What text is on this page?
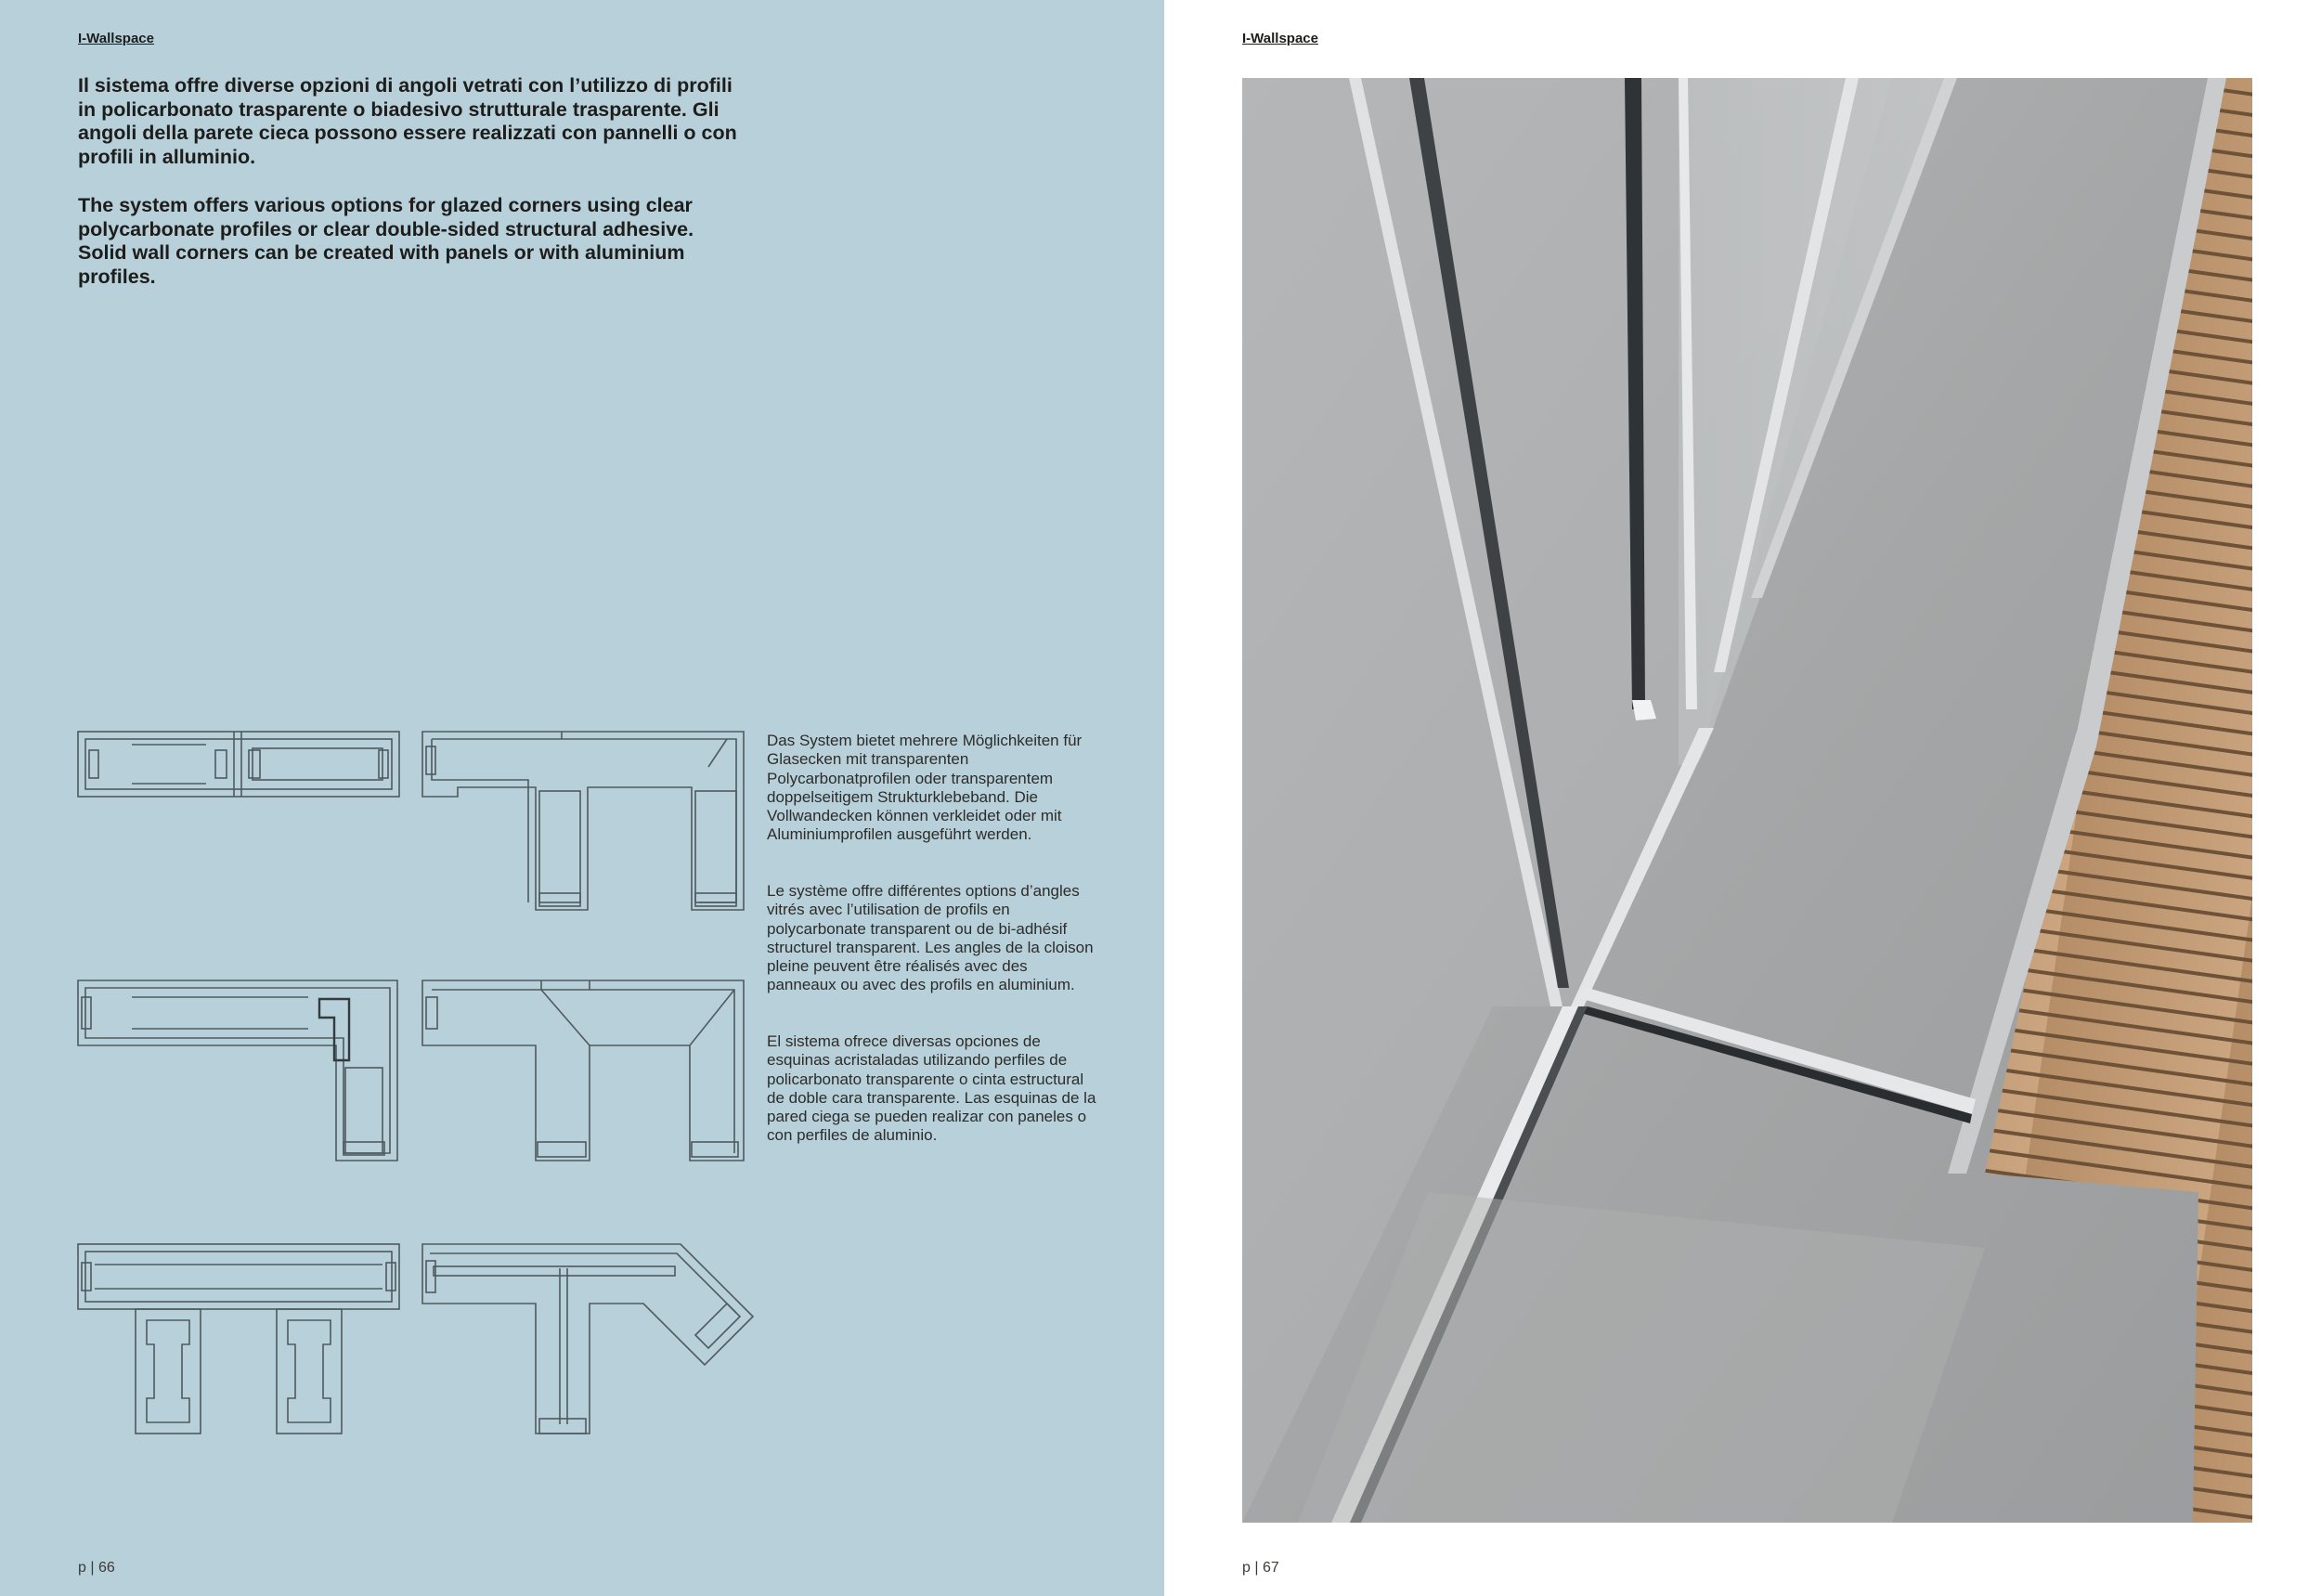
I-Wallspace

Il sistema offre diverse opzioni di angoli vetrati con l’utilizzo di profili in policarbonato trasparente o biadesivo strutturale trasparente. Gli angoli della parete cieca possono essere realizzati con pannelli o con profili in alluminio.

The system offers various options for glazed corners using clear polycarbonate profiles or clear double-sided structural adhesive. Solid wall corners can be created with panels or with aluminium profiles.

Das System bietet mehrere Möglichkeiten für Glasecken mit transparenten Polycarbonatprofilen oder transparentem doppelseitigem Strukturklebeband. Die Vollwandecken können verkleidet oder mit Aluminiumprofilen ausgeführt werden.

Le système offre différentes options d’angles vitrés avec l’utilisation de profils en polycarbonate transparent ou de bi-adhésif structurel transparent. Les angles de la cloison pleine peuvent être réalisés avec des panneaux ou avec des profils en aluminium.

El sistema ofrece diversas opciones de esquinas acristaladas utilizando perfiles de policarbonato transparente o cinta estructural de doble cara transparente. Las esquinas de la pared ciega se pueden realizar con paneles o con perfiles de aluminio.

p | 66
I-Wallspace
p | 67
